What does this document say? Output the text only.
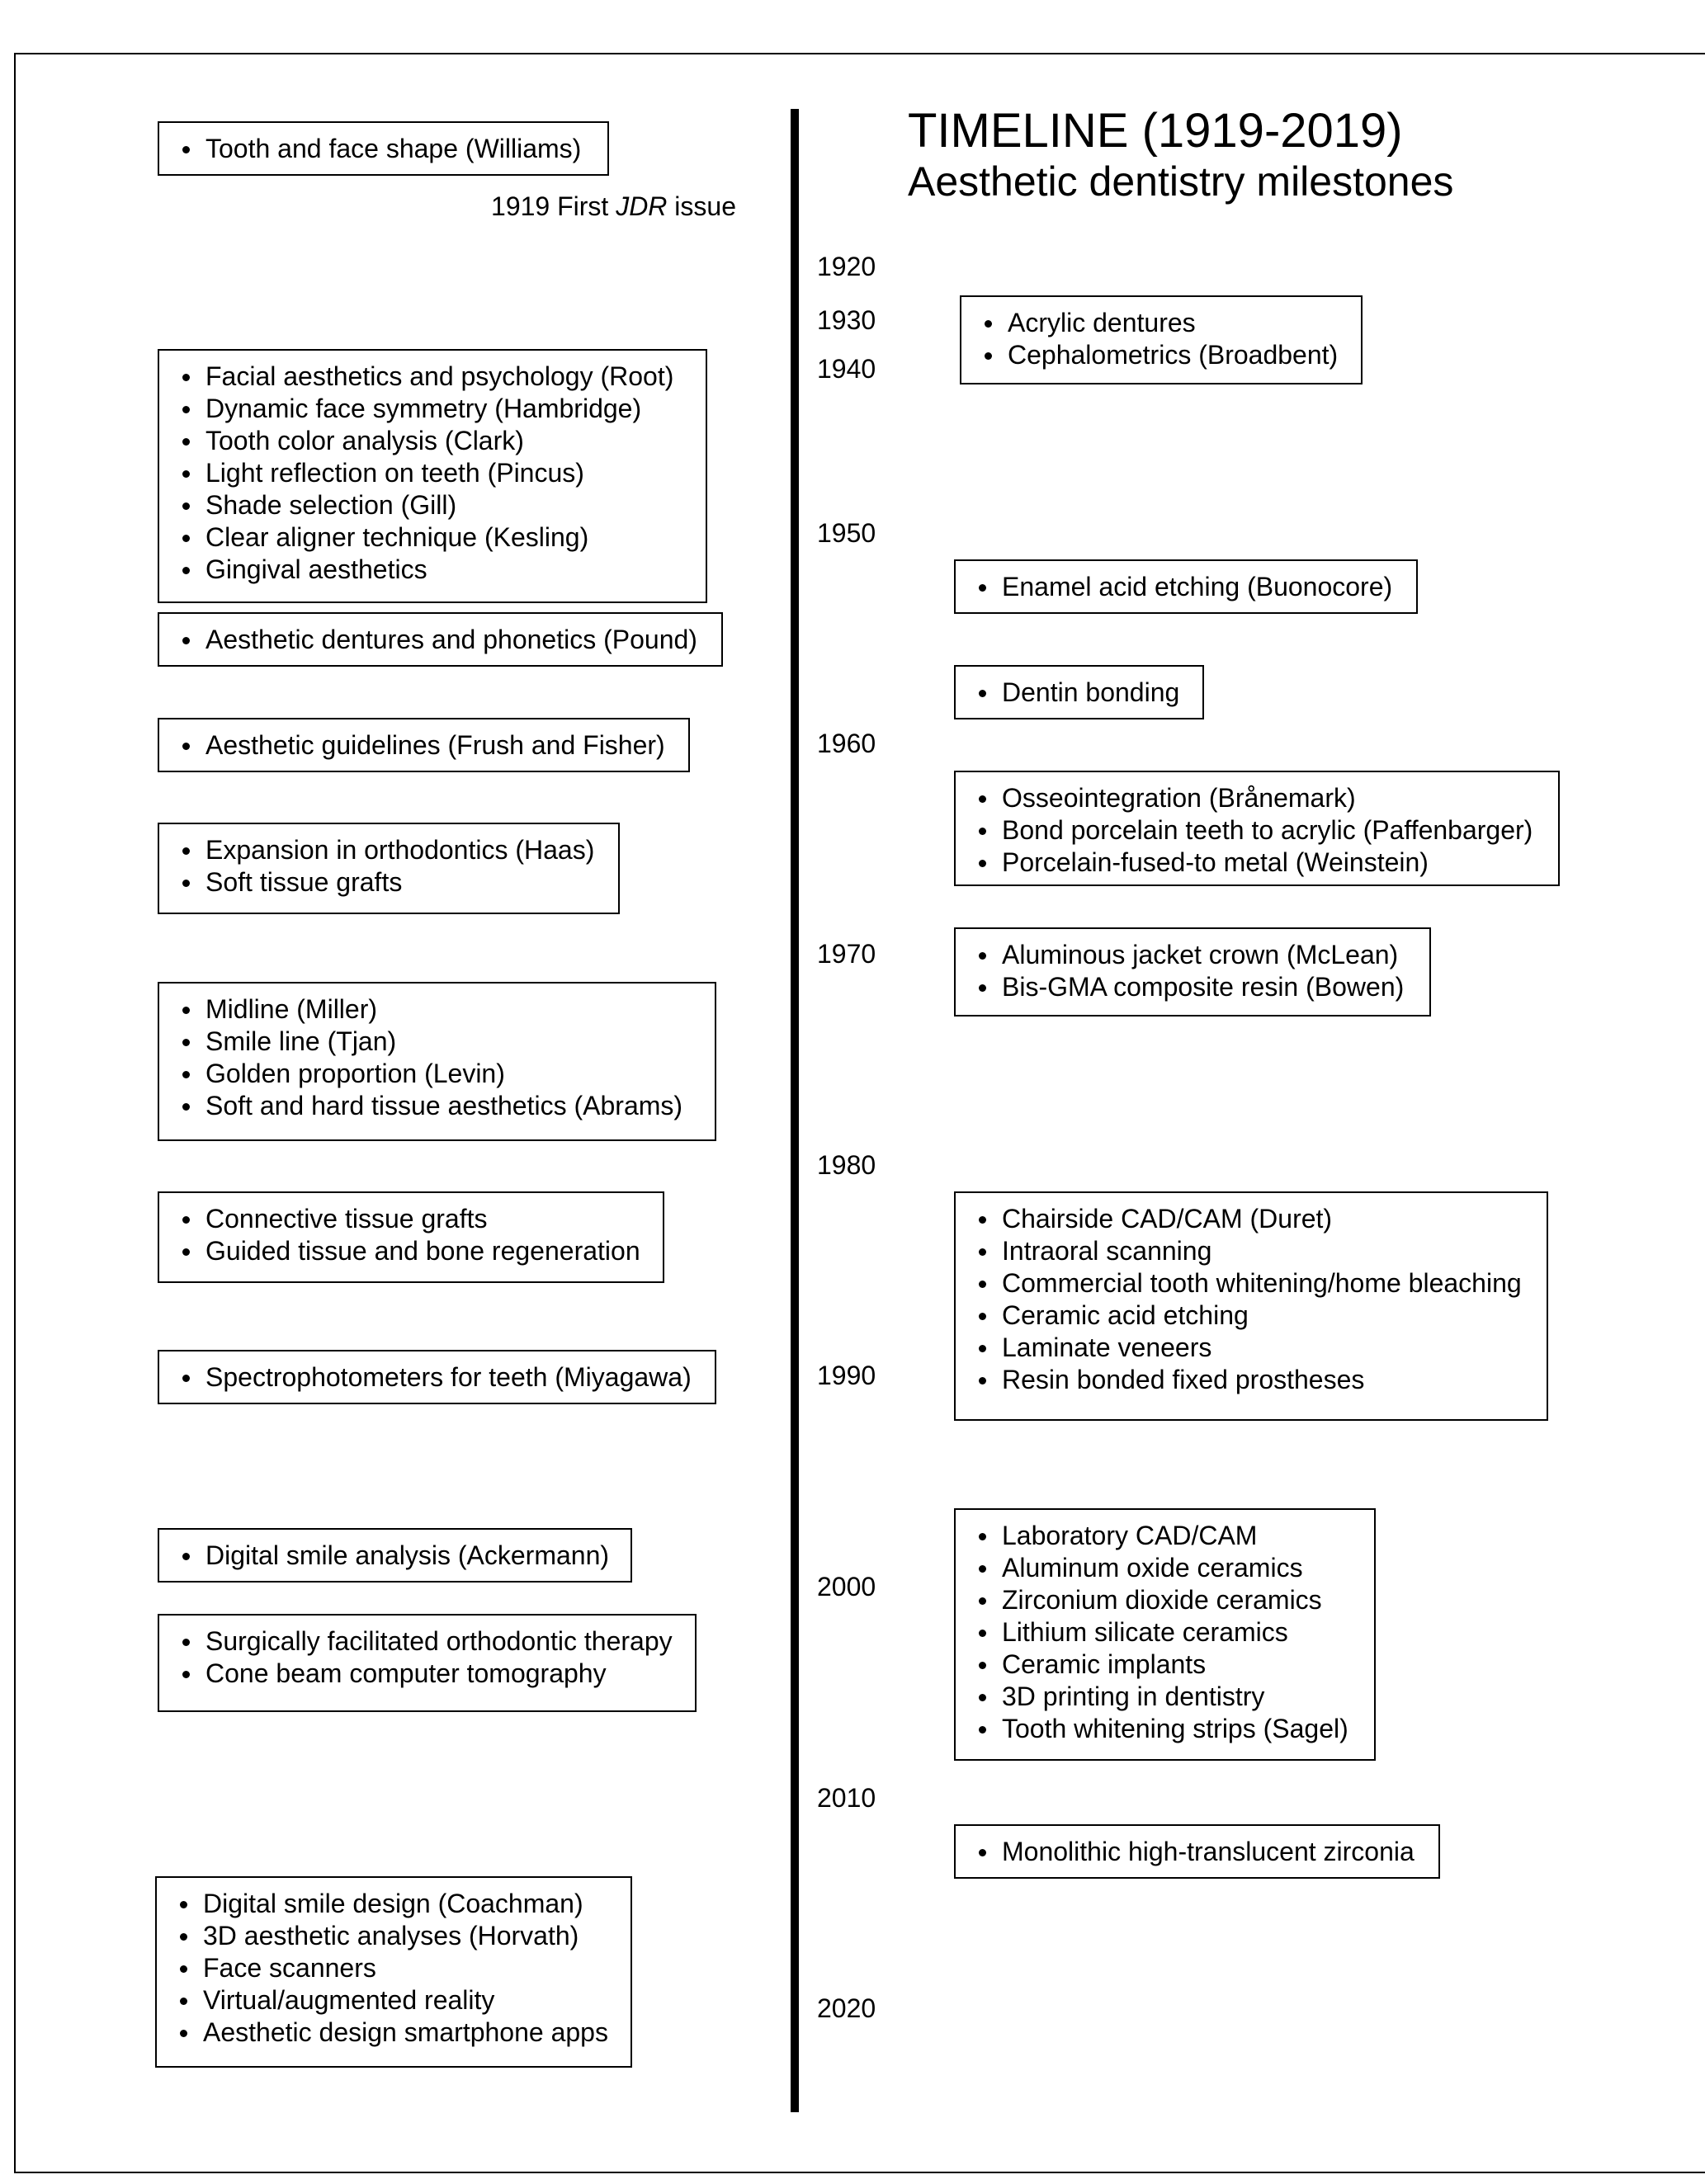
TIMELINE (1919-2019)
Aesthetic dentistry milestones
1919 First JDR issue
1920
1930
1940
1950
1960
1970
1980
1990
2000
2010
2020
Tooth and face shape (Williams)
Facial aesthetics and psychology (Root)
Dynamic face symmetry (Hambridge)
Tooth color analysis (Clark)
Light reflection on teeth (Pincus)
Shade selection (Gill)
Clear aligner technique (Kesling)
Gingival aesthetics
Aesthetic dentures and phonetics (Pound)
Aesthetic guidelines (Frush and Fisher)
Expansion in orthodontics (Haas)
Soft tissue grafts
Midline (Miller)
Smile line (Tjan)
Golden proportion (Levin)
Soft and hard tissue aesthetics (Abrams)
Connective tissue grafts
Guided tissue and bone regeneration
Spectrophotometers for teeth (Miyagawa)
Digital smile analysis (Ackermann)
Surgically facilitated orthodontic therapy
Cone beam computer tomography
Digital smile design (Coachman)
3D aesthetic analyses (Horvath)
Face scanners
Virtual/augmented reality
Aesthetic design smartphone apps
Acrylic dentures
Cephalometrics (Broadbent)
Enamel acid etching (Buonocore)
Dentin bonding
Osseointegration (Brånemark)
Bond porcelain teeth to acrylic (Paffenbarger)
Porcelain-fused-to metal (Weinstein)
Aluminous jacket crown (McLean)
Bis-GMA composite resin (Bowen)
Chairside CAD/CAM (Duret)
Intraoral scanning
Commercial tooth whitening/home bleaching
Ceramic acid etching
Laminate veneers
Resin bonded fixed prostheses
Laboratory CAD/CAM
Aluminum oxide ceramics
Zirconium dioxide ceramics
Lithium silicate ceramics
Ceramic implants
3D printing in dentistry
Tooth whitening strips (Sagel)
Monolithic high-translucent zirconia
